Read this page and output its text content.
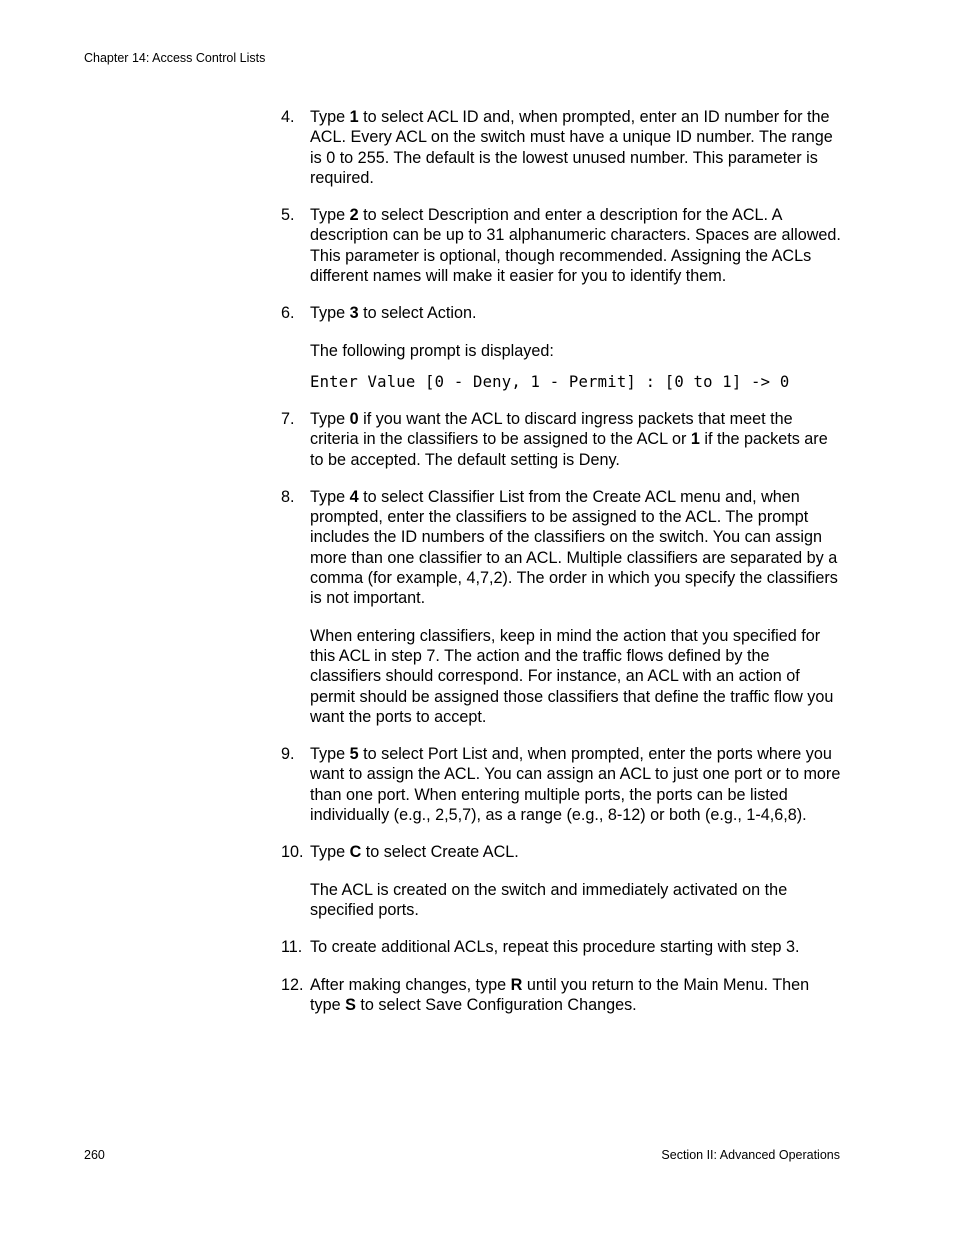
Chapter 14: Access Control Lists
4. Type 1 to select ACL ID and, when prompted, enter an ID number for the ACL. Every ACL on the switch must have a unique ID number. The range is 0 to 255. The default is the lowest unused number. This parameter is required.

5. Type 2 to select Description and enter a description for the ACL. A description can be up to 31 alphanumeric characters. Spaces are allowed. This parameter is optional, though recommended. Assigning the ACLs different names will make it easier for you to identify them.

6. Type 3 to select Action.

The following prompt is displayed:

Enter Value [0 - Deny, 1 - Permit] : [0 to 1] -> 0

7. Type 0 if you want the ACL to discard ingress packets that meet the criteria in the classifiers to be assigned to the ACL or 1 if the packets are to be accepted. The default setting is Deny.

8. Type 4 to select Classifier List from the Create ACL menu and, when prompted, enter the classifiers to be assigned to the ACL. The prompt includes the ID numbers of the classifiers on the switch. You can assign more than one classifier to an ACL. Multiple classifiers are separated by a comma (for example, 4,7,2). The order in which you specify the classifiers is not important.

When entering classifiers, keep in mind the action that you specified for this ACL in step 7. The action and the traffic flows defined by the classifiers should correspond. For instance, an ACL with an action of permit should be assigned those classifiers that define the traffic flow you want the ports to accept.

9. Type 5 to select Port List and, when prompted, enter the ports where you want to assign the ACL. You can assign an ACL to just one port or to more than one port. When entering multiple ports, the ports can be listed individually (e.g., 2,5,7), as a range (e.g., 8-12) or both (e.g., 1-4,6,8).

10. Type C to select Create ACL.

The ACL is created on the switch and immediately activated on the specified ports.

11. To create additional ACLs, repeat this procedure starting with step 3.

12. After making changes, type R until you return to the Main Menu. Then type S to select Save Configuration Changes.

260	Section II: Advanced Operations
